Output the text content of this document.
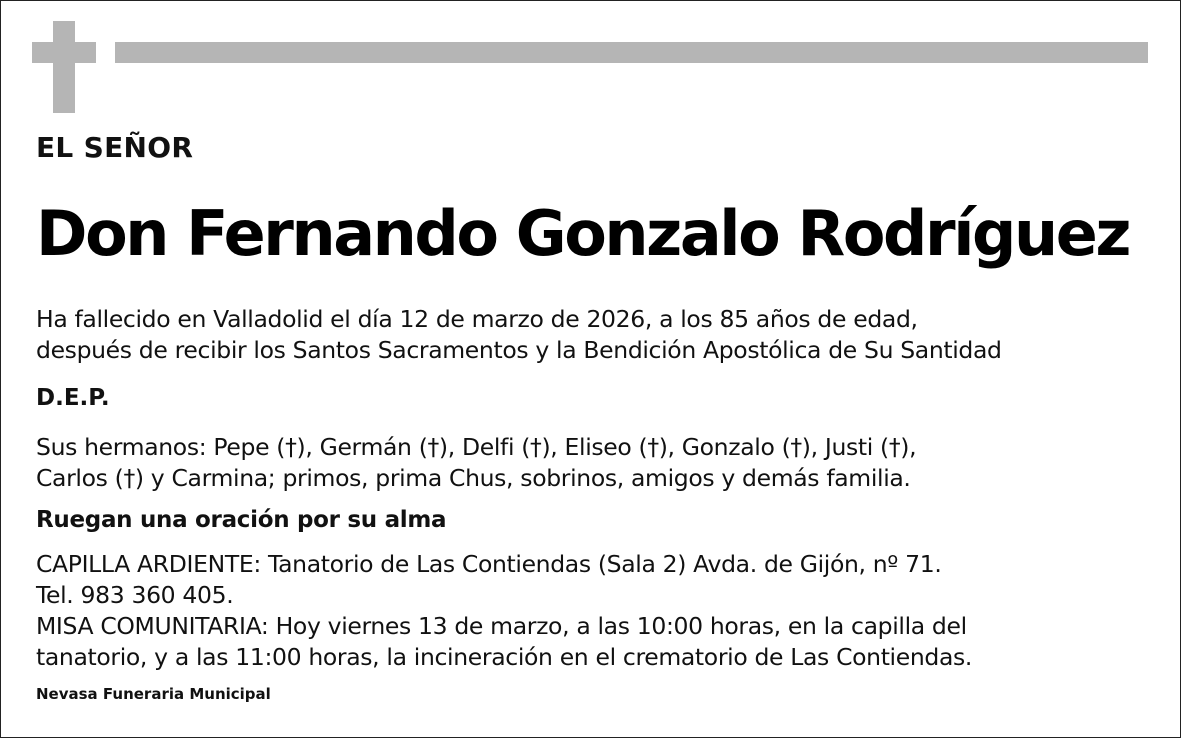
EL SEÑOR
Don Fernando Gonzalo Rodríguez
Ha fallecido en Valladolid el día 12 de marzo de 2026, a los 85 años de edad,
después de recibir los Santos Sacramentos y la Bendición Apostólica de Su Santidad
D.E.P.
Sus hermanos: Pepe (†), Germán (†), Delfi (†), Eliseo (†), Gonzalo (†), Justi (†),
Carlos (†) y Carmina; primos, prima Chus, sobrinos, amigos y demás familia.
Ruegan una oración por su alma
CAPILLA ARDIENTE: Tanatorio de Las Contiendas (Sala 2) Avda. de Gijón, nº 71.
Tel. 983 360 405.
MISA COMUNITARIA: Hoy viernes 13 de marzo, a las 10:00 horas, en la capilla del
tanatorio, y a las 11:00 horas, la incineración en el crematorio de Las Contiendas.
Nevasa Funeraria Municipal
